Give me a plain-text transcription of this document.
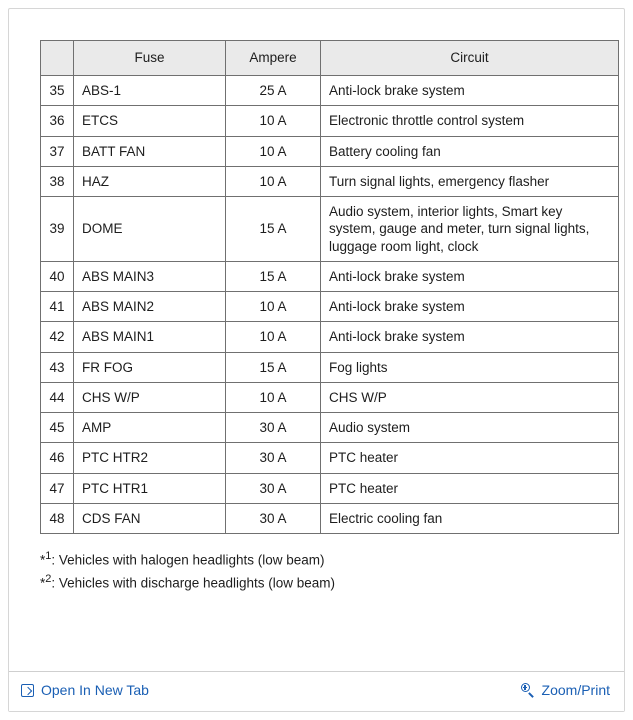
	Fuse	Ampere	Circuit
35	ABS-1	25 A	Anti-lock brake system
36	ETCS	10 A	Electronic throttle control system
37	BATT FAN	10 A	Battery cooling fan
38	HAZ	10 A	Turn signal lights, emergency flasher
39	DOME	15 A	Audio system, interior lights, Smart key system, gauge and meter, turn signal lights, luggage room light, clock
40	ABS MAIN3	15 A	Anti-lock brake system
41	ABS MAIN2	10 A	Anti-lock brake system
42	ABS MAIN1	10 A	Anti-lock brake system
43	FR FOG	15 A	Fog lights
44	CHS W/P	10 A	CHS W/P
45	AMP	30 A	Audio system
46	PTC HTR2	30 A	PTC heater
47	PTC HTR1	30 A	PTC heater
48	CDS FAN	30 A	Electric cooling fan
*$^1$: Vehicles with halogen headlights (low beam)
*$^2$: Vehicles with discharge headlights (low beam)
Open In New Tab	Zoom/Print
